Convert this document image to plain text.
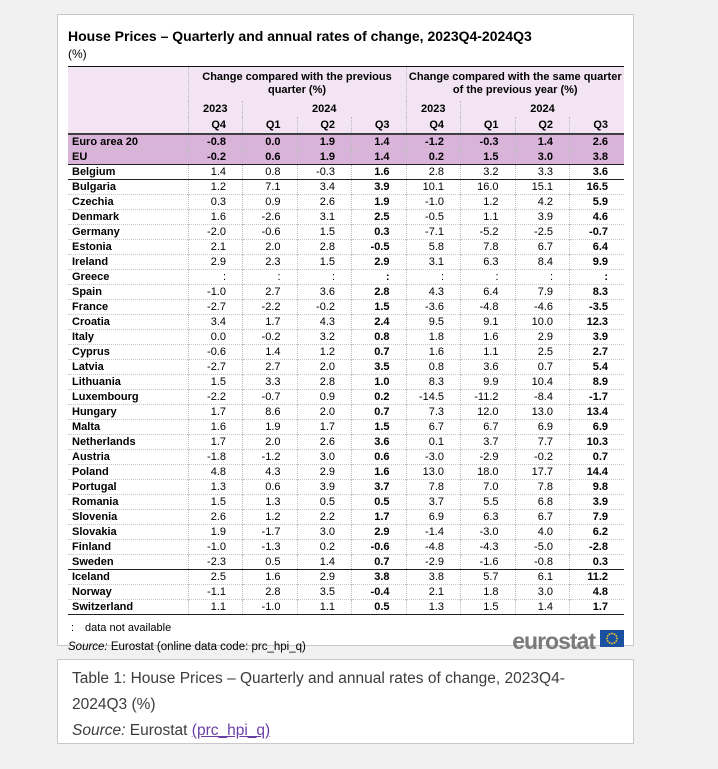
House Prices – Quarterly and annual rates of change, 2023Q4-2024Q3
(%)
	Change compared with the previous quarter (%)				Change compared with the same quarter of the previous year (%)			
	2023	2024			2023	2024		
	Q4	Q1	Q2	Q3	Q4	Q1	Q2	Q3
Euro area 20	-0.8	0.0	1.9	1.4	-1.2	-0.3	1.4	2.6
EU	-0.2	0.6	1.9	1.4	0.2	1.5	3.0	3.8
Belgium	1.4	0.8	-0.3	1.6	2.8	3.2	3.3	3.6
Bulgaria	1.2	7.1	3.4	3.9	10.1	16.0	15.1	16.5
Czechia	0.3	0.9	2.6	1.9	-1.0	1.2	4.2	5.9
Denmark	1.6	-2.6	3.1	2.5	-0.5	1.1	3.9	4.6
Germany	-2.0	-0.6	1.5	0.3	-7.1	-5.2	-2.5	-0.7
Estonia	2.1	2.0	2.8	-0.5	5.8	7.8	6.7	6.4
Ireland	2.9	2.3	1.5	2.9	3.1	6.3	8.4	9.9
Greece	:	:	:	:	:	:	:	:
Spain	-1.0	2.7	3.6	2.8	4.3	6.4	7.9	8.3
France	-2.7	-2.2	-0.2	1.5	-3.6	-4.8	-4.6	-3.5
Croatia	3.4	1.7	4.3	2.4	9.5	9.1	10.0	12.3
Italy	0.0	-0.2	3.2	0.8	1.8	1.6	2.9	3.9
Cyprus	-0.6	1.4	1.2	0.7	1.6	1.1	2.5	2.7
Latvia	-2.7	2.7	2.0	3.5	0.8	3.6	0.7	5.4
Lithuania	1.5	3.3	2.8	1.0	8.3	9.9	10.4	8.9
Luxembourg	-2.2	-0.7	0.9	0.2	-14.5	-11.2	-8.4	-1.7
Hungary	1.7	8.6	2.0	0.7	7.3	12.0	13.0	13.4
Malta	1.6	1.9	1.7	1.5	6.7	6.7	6.9	6.9
Netherlands	1.7	2.0	2.6	3.6	0.1	3.7	7.7	10.3
Austria	-1.8	-1.2	3.0	0.6	-3.0	-2.9	-0.2	0.7
Poland	4.8	4.3	2.9	1.6	13.0	18.0	17.7	14.4
Portugal	1.3	0.6	3.9	3.7	7.8	7.0	7.8	9.8
Romania	1.5	1.3	0.5	0.5	3.7	5.5	6.8	3.9
Slovenia	2.6	1.2	2.2	1.7	6.9	6.3	6.7	7.9
Slovakia	1.9	-1.7	3.0	2.9	-1.4	-3.0	4.0	6.2
Finland	-1.0	-1.3	0.2	-0.6	-4.8	-4.3	-5.0	-2.8
Sweden	-2.3	0.5	1.4	0.7	-2.9	-1.6	-0.8	0.3
Iceland	2.5	1.6	2.9	3.8	3.8	5.7	6.1	11.2
Norway	-1.1	2.8	3.5	-0.4	2.1	1.8	3.0	4.8
Switzerland	1.1	-1.0	1.1	0.5	1.3	1.5	1.4	1.7
: data not available
Source: Eurostat (online data code: prc_hpi_q)	eurostat
Table 1: House Prices – Quarterly and annual rates of change, 2023Q4-2024Q3 (%)
Source: Eurostat (prc_hpi_q)
